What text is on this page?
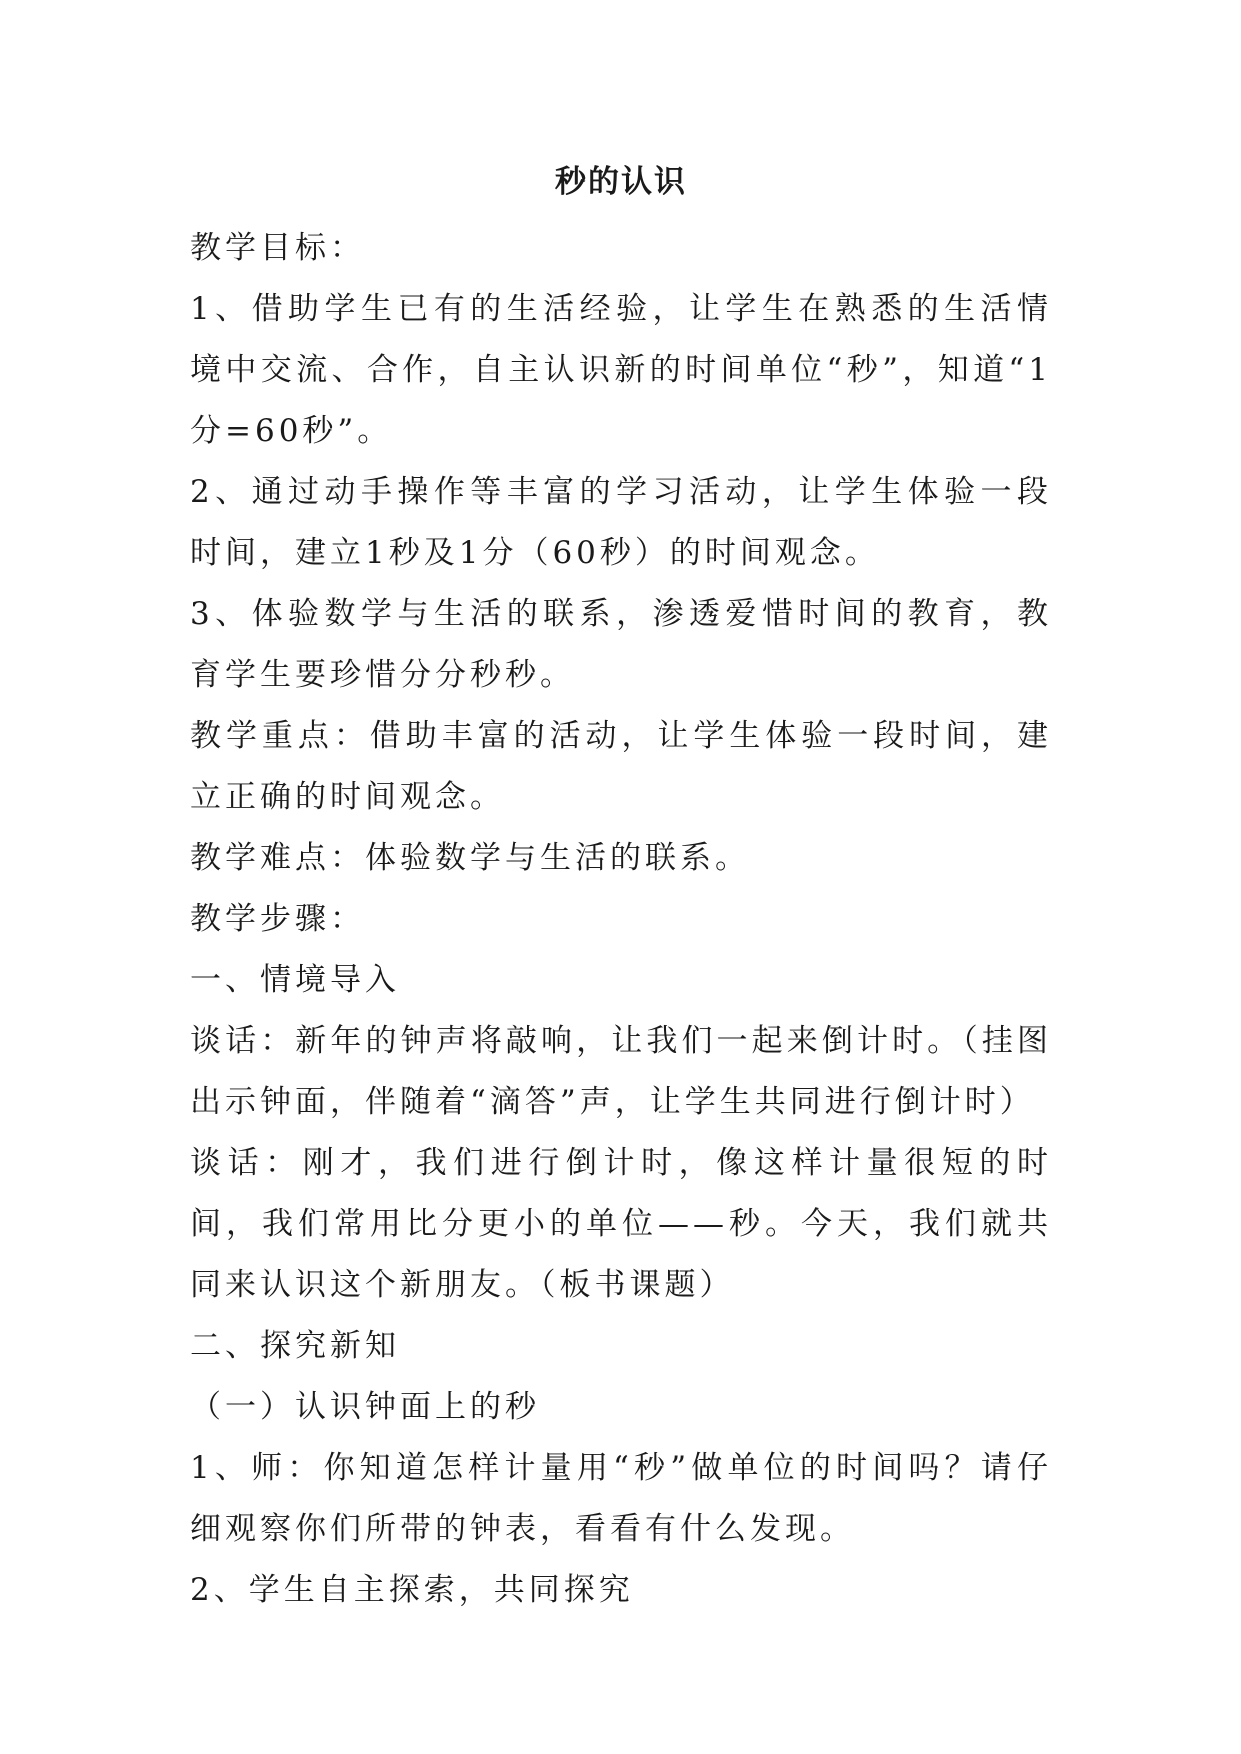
秒的认识

教学目标：

1、借助学生已有的生活经验，让学生在熟悉的生活情境中交流、合作，自主认识新的时间单位“秒”，知道“1分=60秒”。

2、通过动手操作等丰富的学习活动，让学生体验一段时间，建立1秒及1分（60秒）的时间观念。

3、体验数学与生活的联系，渗透爱惜时间的教育，教育学生要珍惜分分秒秒。

教学重点：借助丰富的活动，让学生体验一段时间，建立正确的时间观念。

教学难点：体验数学与生活的联系。

教学步骤：

一、情境导入

谈话：新年的钟声将敲响，让我们一起来倒计时。（挂图出示钟面，伴随着“滴答”声，让学生共同进行倒计时）

谈话：刚才，我们进行倒计时，像这样计量很短的时间，我们常用比分更小的单位——秒。今天，我们就共同来认识这个新朋友。（板书课题）

二、探究新知

（一）认识钟面上的秒

1、师：你知道怎样计量用“秒”做单位的时间吗？请仔细观察你们所带的钟表，看看有什么发现。

2、学生自主探索，共同探究
